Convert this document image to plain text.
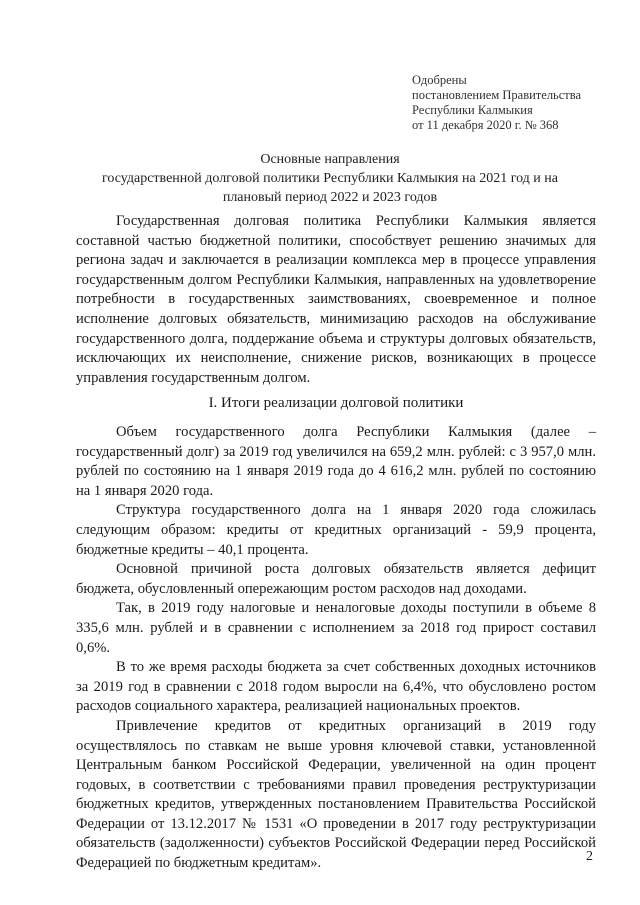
Одобрены
постановлением Правительства
Республики Калмыкия
от 11 декабря 2020 г. № 368
Основные направления
государственной долговой политики Республики Калмыкия на 2021 год и на
плановый период 2022 и 2023 годов

Государственная долговая политика Республики Калмыкия является составной частью бюджетной политики, способствует решению значимых для региона задач и заключается в реализации комплекса мер в процессе управления государственным долгом Республики Калмыкия, направленных на удовлетворение потребности в государственных заимствованиях, своевременное и полное исполнение долговых обязательств, минимизацию расходов на обслуживание государственного долга, поддержание объема и структуры долговых обязательств, исключающих их неисполнение, снижение рисков, возникающих в процессе управления государственным долгом.

I. Итоги реализации долговой политики

Объем государственного долга Республики Калмыкия (далее – государственный долг) за 2019 год увеличился на 659,2 млн. рублей: с 3 957,0 млн. рублей по состоянию на 1 января 2019 года до 4 616,2 млн. рублей по состоянию на 1 января 2020 года.

Структура государственного долга на 1 января 2020 года сложилась следующим образом: кредиты от кредитных организаций - 59,9 процента, бюджетные кредиты – 40,1 процента.

Основной причиной роста долговых обязательств является дефицит бюджета, обусловленный опережающим ростом расходов над доходами.

Так, в 2019 году налоговые и неналоговые доходы поступили в объеме 8 335,6 млн. рублей и в сравнении с исполнением за 2018 год прирост составил 0,6%.

В то же время расходы бюджета за счет собственных доходных источников за 2019 год в сравнении с 2018 годом выросли на 6,4%, что обусловлено ростом расходов социального характера, реализацией национальных проектов.

Привлечение кредитов от кредитных организаций в 2019 году осуществлялось по ставкам не выше уровня ключевой ставки, установленной Центральным банком Российской Федерации, увеличенной на один процент годовых, в соответствии с требованиями правил проведения реструктуризации бюджетных кредитов, утвержденных постановлением Правительства Российской Федерации от 13.12.2017 № 1531 «О проведении в 2017 году реструктуризации обязательств (задолженности) субъектов Российской Федерации перед Российской Федерацией по бюджетным кредитам».	2
